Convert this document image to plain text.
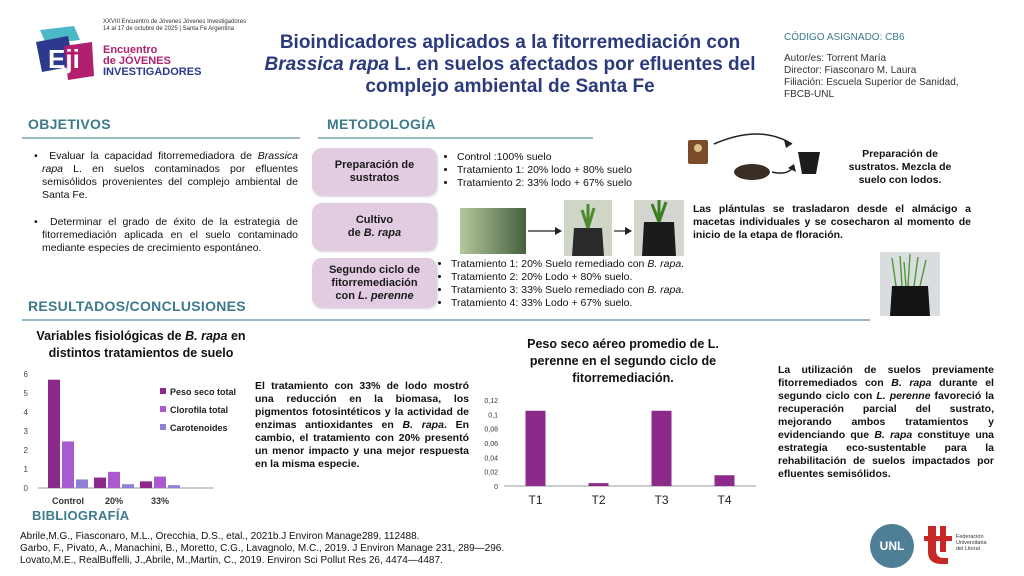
Eji
XXVIII Encuentro de Jóvenes Jóvenes Investigadores
14 al 17 de octubre de 2025 | Santa Fe Argentina
Encuentro
de JÓVENES
INVESTIGADORES
Bioindicadores aplicados a la fitorremediación con
Brassica rapa L. en suelos afectados por efluentes del
complejo ambiental de Santa Fe
CÓDIGO ASIGNADO: CB6
Autor/es: Torrent María
Director: Fiasconaro M. Laura
Filiación: Escuela Superior de Sanidad,
FBCB-UNL
OBJETIVOS
•  Evaluar la capacidad fitorremediadora de Brassica rapa L. en suelos contaminados por efluentes semisólidos provenientes del complejo ambiental de Santa Fe.
•  Determinar el grado de éxito de la estrategia de fitorremediación aplicada en el suelo contaminado mediante especies de crecimiento espontáneo.
METODOLOGÍA
Preparación de sustratos
Cultivo
de B. rapa
Segundo ciclo de fitorremediación
con L. perenne
• Control :100% suelo
• Tratamiento 1: 20% lodo + 80% suelo
• Tratamiento 2: 33% lodo + 67% suelo
Preparación de sustratos. Mezcla de suelo con lodos.
Las plántulas se trasladaron desde el almácigo a macetas individuales y se cosecharon al momento de inicio de la etapa de floración.
• Tratamiento 1: 20% Suelo remediado con B. rapa.
• Tratamiento 2: 20% Lodo + 80% suelo.
• Tratamiento 3: 33% Suelo remediado con B. rapa.
• Tratamiento 4: 33% Lodo + 67% suelo.
RESULTADOS/CONCLUSIONES
Variables fisiológicas de B. rapa en distintos tratamientos de suelo
0
1
2
3
4
5
6
Control 20%	33%
Peso seco total
Clorofila total
Carotenoides
El tratamiento con 33% de lodo mostró una reducción en la biomasa, los pigmentos fotosintéticos y la actividad de enzimas antioxidantes en B. rapa. En cambio, el tratamiento con 20% presentó un menor impacto y una mejor respuesta en la misma especie.
Peso seco aéreo promedio de L. perenne en el segundo ciclo de fitorremediación.
0
0,02
0,04
0,06
0,08
0,1
0,12
T1	T2	T3	T4
La utilización de suelos previamente fitorremediados con B. rapa durante el segundo ciclo con L. perenne favoreció la recuperación parcial del sustrato, mejorando ambos tratamientos y evidenciando que B. rapa constituye una estrategia eco-sustentable para la rehabilitación de suelos impactados por efluentes semisólidos.
BIBLIOGRAFÍA
Abrile,M.G., Fiasconaro, M.L., Orecchia, D.S., etal., 2021b.J Environ Manage289, 112488.
Garbo, F., Pivato, A., Manachini, B., Moretto, C.G., Lavagnolo, M.C., 2019. J Environ Manage 231, 289—296.
Lovato,M.E., RealBuffelli, J.,Abrile, M.,Martin, C., 2019. Environ Sci Pollut Res 26, 4474—4487.
UNL
Federación
Universitaria
del Litoral
